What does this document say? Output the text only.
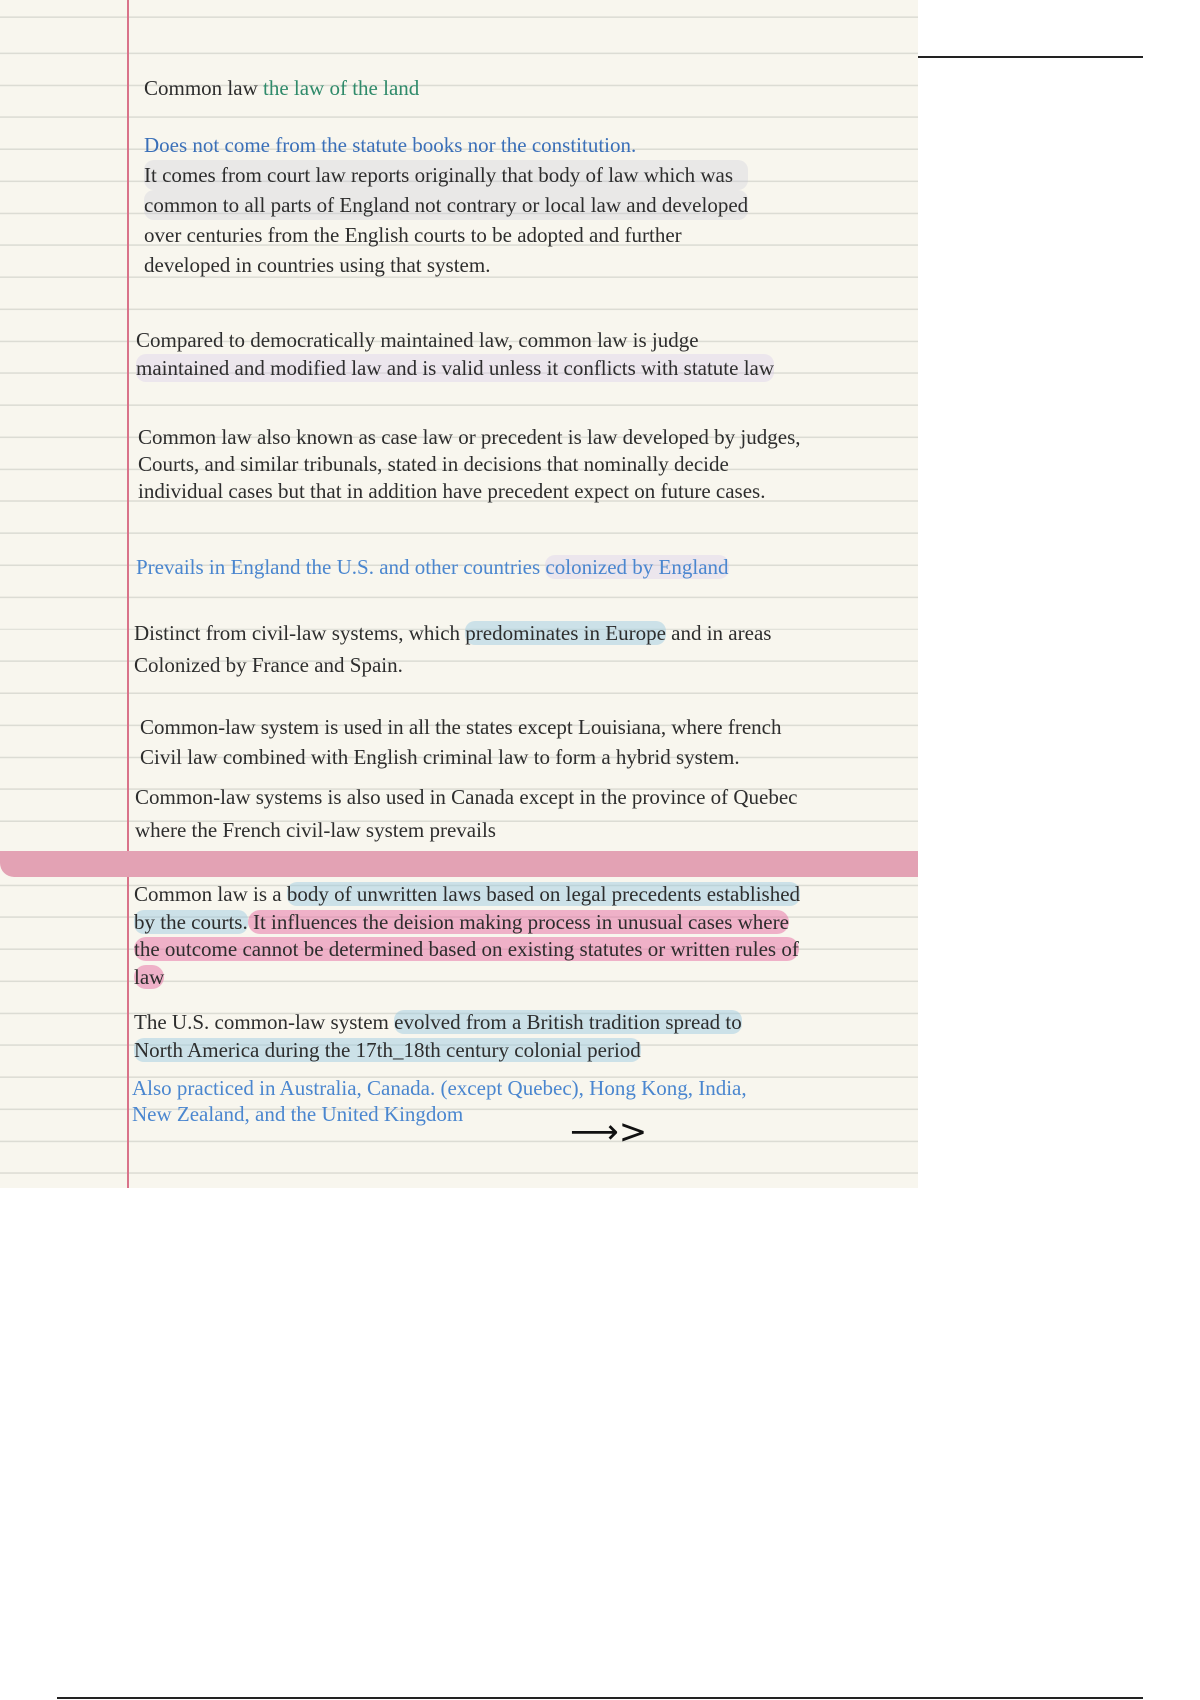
Common law the law of the land

Does not come from the statute books nor the constitution.
It comes from court law reports originally that body of law which was
common to all parts of England not contrary or local law and developed
over centuries from the English courts to be adopted and further
developed in countries using that system.

Compared to democratically maintained law, common law is judge
maintained and modified law and is valid unless it conflicts with statute law

Common law also known as case law or precedent is law developed by judges,
Courts, and similar tribunals, stated in decisions that nominally decide
individual cases but that in addition have precedent expect on future cases.

Prevails in England the U.S. and other countries colonized by England

Distinct from civil-law systems, which predominates in Europe and in areas
Colonized by France and Spain.

Common-law system is used in all the states except Louisiana, where french
Civil law combined with English criminal law to form a hybrid system.

Common-law systems is also used in Canada except in the province of Quebec
where the French civil-law system prevails

Common law is a body of unwritten laws based on legal precedents established
by the courts. It influences the deision making process in unusual cases where
the outcome cannot be determined based on existing statutes or written rules of
law

The U.S. common-law system evolved from a British tradition spread to
North America during the 17th_18th century colonial period

Also practiced in Australia, Canada. (except Quebec), Hong Kong, India,
New Zealand, and the United Kingdom	⟶>
